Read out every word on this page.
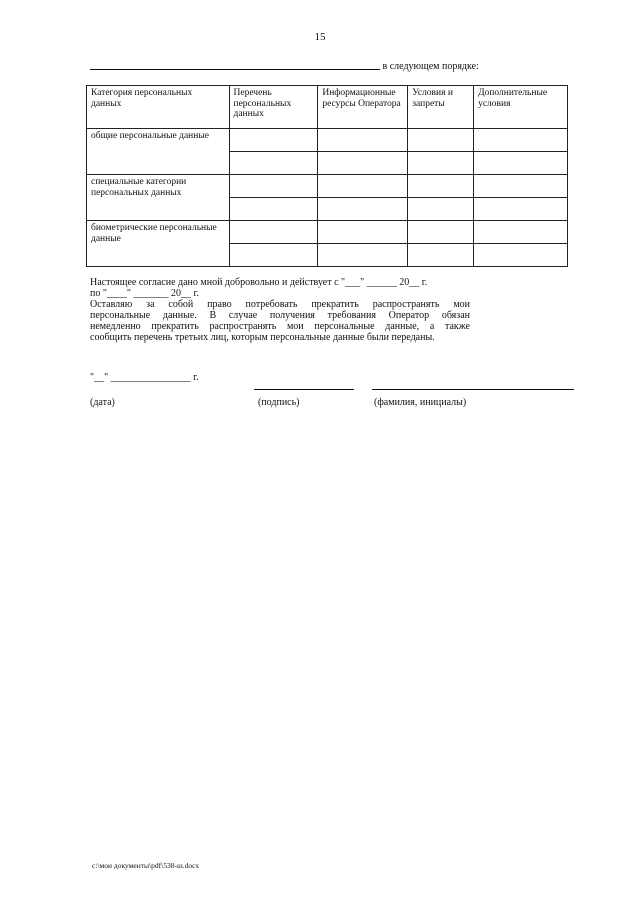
15
в следующем порядке:
Категория персональных данных	Перечень персональных данных	Информационные ресурсы Оператора	Условия и запреты	Дополнительные условия
общие персональные данные				

специальные категории персональных данных				

биометрические персональные данные				

Настоящее согласие дано мной добровольно и действует с "___" ______ 20__ г.

по "____" _______ 20__ г.

Оставляю за собой право потребовать прекратить распространять мои

персональные данные. В случае получения требования Оператор обязан

немедленно прекратить распространять мои персональные данные, а также

сообщить перечень третьих лиц, которым персональные данные были переданы.

"__" ________________ г.
(дата)	(подпись)	(фамилия, инициалы)
c:\мои документы\pdf\538-ш.docx
